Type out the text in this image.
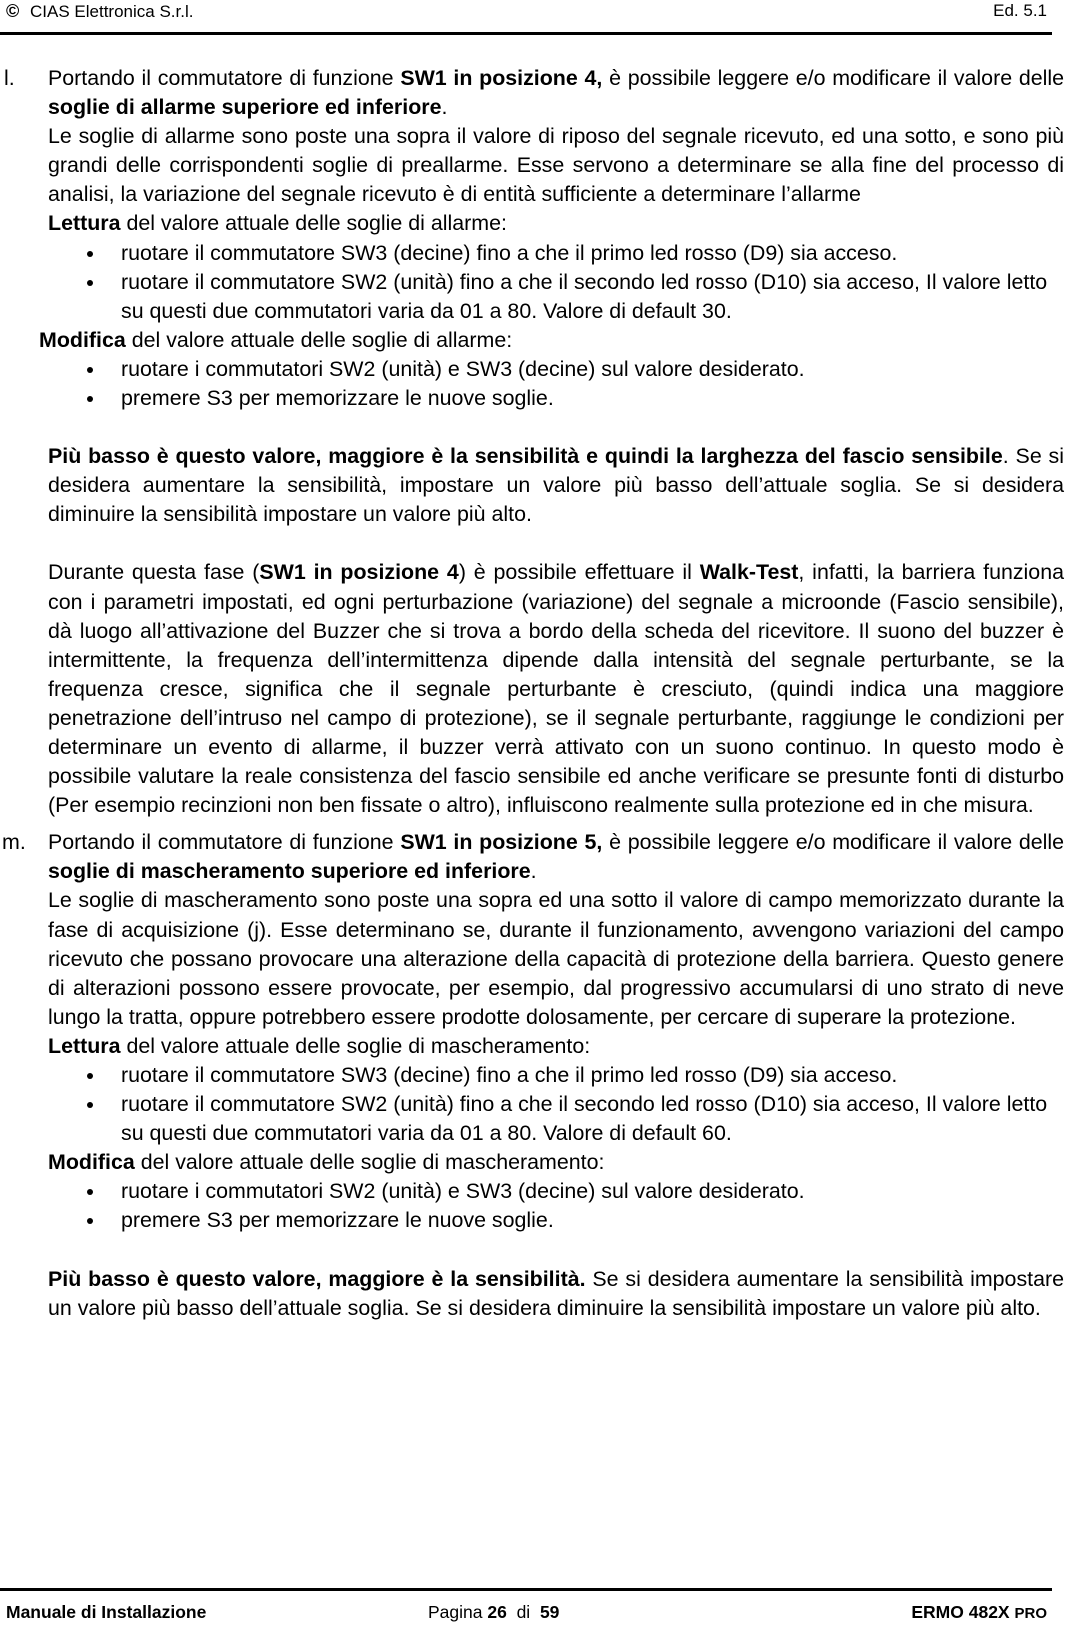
© CIAS Elettronica S.r.l.	Ed. 5.1
l. Portando il commutatore di funzione SW1 in posizione 4, è possibile leggere e/o modificare il valore delle soglie di allarme superiore ed inferiore.

Le soglie di allarme sono poste una sopra il valore di riposo del segnale ricevuto, ed una sotto, e sono più grandi delle corrispondenti soglie di preallarme. Esse servono a determinare se alla fine del processo di analisi, la variazione del segnale ricevuto è di entità sufficiente a determinare l’allarme

Lettura del valore attuale delle soglie di allarme:

ruotare il commutatore SW3 (decine) fino a che il primo led rosso (D9) sia acceso.
ruotare il commutatore SW2 (unità) fino a che il secondo led rosso (D10) sia acceso, Il valore letto su questi due commutatori varia da 01 a 80. Valore di default 30.

Modifica del valore attuale delle soglie di allarme:

ruotare i commutatori SW2 (unità) e SW3 (decine) sul valore desiderato.
premere S3 per memorizzare le nuove soglie.

Più basso è questo valore, maggiore è la sensibilità e quindi la larghezza del fascio sensibile. Se si desidera aumentare la sensibilità, impostare un valore più basso dell’attuale soglia. Se si desidera diminuire la sensibilità impostare un valore più alto.

Durante questa fase (SW1 in posizione 4) è possibile effettuare il Walk-Test, infatti, la barriera funziona con i parametri impostati, ed ogni perturbazione (variazione) del segnale a microonde (Fascio sensibile), dà luogo all’attivazione del Buzzer che si trova a bordo della scheda del ricevitore. Il suono del buzzer è intermittente, la frequenza dell’intermittenza dipende dalla intensità del segnale perturbante, se la frequenza cresce, significa che il segnale perturbante è cresciuto, (quindi indica una maggiore penetrazione dell’intruso nel campo di protezione), se il segnale perturbante, raggiunge le condizioni per determinare un evento di allarme, il buzzer verrà attivato con un suono continuo. In questo modo è possibile valutare la reale consistenza del fascio sensibile ed anche verificare se presunte fonti di disturbo (Per esempio recinzioni non ben fissate o altro), influiscono realmente sulla protezione ed in che misura.

m. Portando il commutatore di funzione SW1 in posizione 5, è possibile leggere e/o modificare il valore delle soglie di mascheramento superiore ed inferiore.

Le soglie di mascheramento sono poste una sopra ed una sotto il valore di campo memorizzato durante la fase di acquisizione (j). Esse determinano se, durante il funzionamento, avvengono variazioni del campo ricevuto che possano provocare una alterazione della capacità di protezione della barriera. Questo genere di alterazioni possono essere provocate, per esempio, dal progressivo accumularsi di uno strato di neve lungo la tratta, oppure potrebbero essere prodotte dolosamente, per cercare di superare la protezione.

Lettura del valore attuale delle soglie di mascheramento:

ruotare il commutatore SW3 (decine) fino a che il primo led rosso (D9) sia acceso.
ruotare il commutatore SW2 (unità) fino a che il secondo led rosso (D10) sia acceso, Il valore letto su questi due commutatori varia da 01 a 80. Valore di default 60.

Modifica del valore attuale delle soglie di mascheramento:

ruotare i commutatori SW2 (unità) e SW3 (decine) sul valore desiderato.
premere S3 per memorizzare le nuove soglie.

Più basso è questo valore, maggiore è la sensibilità. Se si desidera aumentare la sensibilità impostare un valore più basso dell’attuale soglia. Se si desidera diminuire la sensibilità impostare un valore più alto.

Manuale di Installazione	Pagina 26 di 59	ERMO 482X PRO
